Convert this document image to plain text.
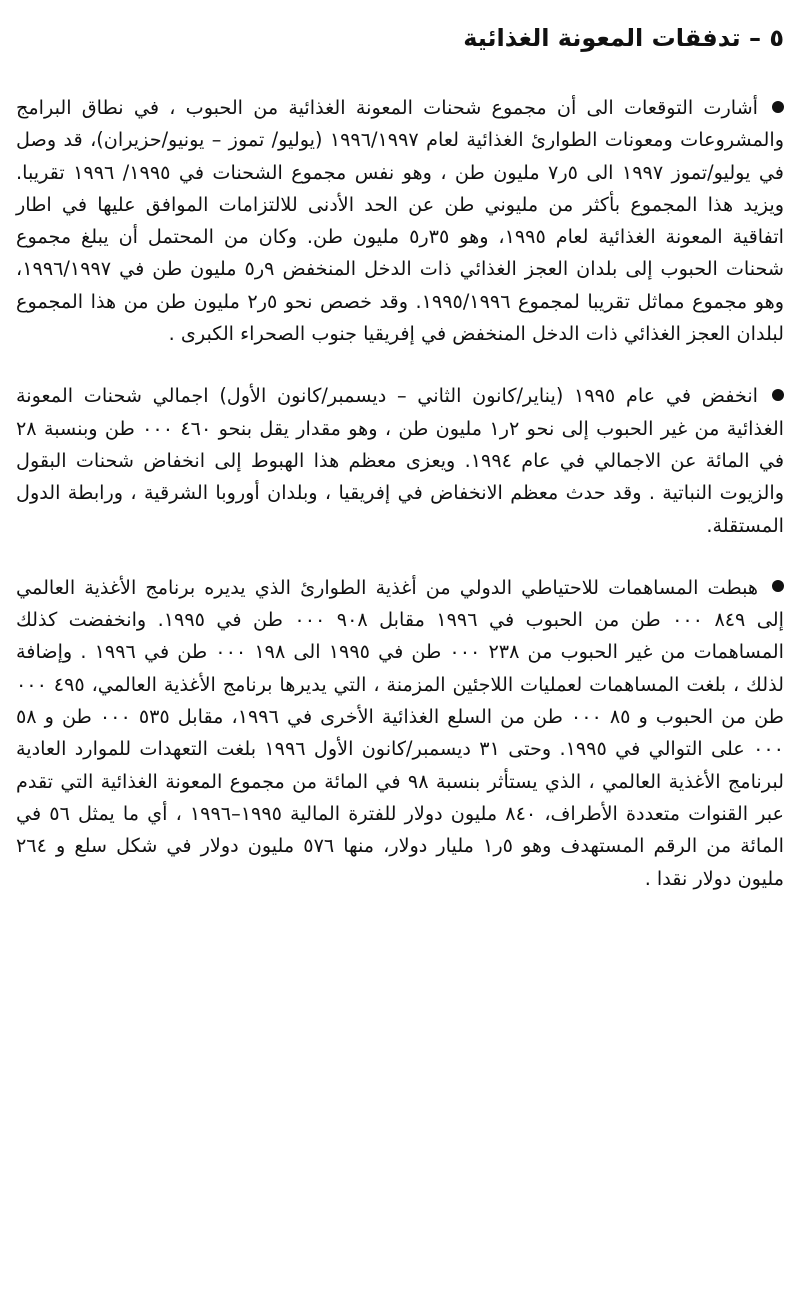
٥ – تدفقات المعونة الغذائية

أشارت التوقعات الى أن مجموع شحنات المعونة الغذائية من الحبوب ، في نطاق البرامج والمشروعات ومعونات الطوارئ الغذائية لعام ١٩٩٦/١٩٩٧ (يوليو/ تموز – يونيو/حزيران)، قد وصل في يوليو/تموز ١٩٩٧ الى ٥ر٧ مليون طن ، وهو نفس مجموع الشحنات في ١٩٩٥/ ١٩٩٦ تقريبا. ويزيد هذا المجموع بأكثر من مليوني طن عن الحد الأدنى للالتزامات الموافق عليها في اطار اتفاقية المعونة الغذائية لعام ١٩٩٥، وهو ٣٥ر٥ مليون طن. وكان من المحتمل أن يبلغ مجموع شحنات الحبوب إلى بلدان العجز الغذائي ذات الدخل المنخفض ٩ر٥ مليون طن في ١٩٩٦/١٩٩٧، وهو مجموع مماثل تقريبا لمجموع ١٩٩٥/١٩٩٦. وقد خصص نحو ٥ر٢ مليون طن من هذا المجموع لبلدان العجز الغذائي ذات الدخل المنخفض في إفريقيا جنوب الصحراء الكبرى .

انخفض في عام ١٩٩٥ (يناير/كانون الثاني – ديسمبر/كانون الأول) اجمالي شحنات المعونة الغذائية من غير الحبوب إلى نحو ٢ر١ مليون طن ، وهو مقدار يقل بنحو ٤٦٠ ٠٠٠ طن وبنسبة ٢٨ في المائة عن الاجمالي في عام ١٩٩٤. ويعزى معظم هذا الهبوط إلى انخفاض شحنات البقول والزيوت النباتية . وقد حدث معظم الانخفاض في إفريقيا ، وبلدان أوروبا الشرقية ، ورابطة الدول المستقلة.

هبطت المساهمات للاحتياطي الدولي من أغذية الطوارئ الذي يديره برنامج الأغذية العالمي إلى ٨٤٩ ٠٠٠ طن من الحبوب في ١٩٩٦ مقابل ٩٠٨ ٠٠٠ طن في ١٩٩٥. وانخفضت كذلك المساهمات من غير الحبوب من ٢٣٨ ٠٠٠ طن في ١٩٩٥ الى ١٩٨ ٠٠٠ طن في ١٩٩٦ . وإضافة لذلك ، بلغت المساهمات لعمليات اللاجئين المزمنة ، التي يديرها برنامج الأغذية العالمي، ٤٩٥ ٠٠٠ طن من الحبوب و ٨٥ ٠٠٠ طن من السلع الغذائية الأخرى في ١٩٩٦، مقابل ٥٣٥ ٠٠٠ طن و ٥٨ ٠٠٠ على التوالي في ١٩٩٥. وحتى ٣١ ديسمبر/كانون الأول ١٩٩٦ بلغت التعهدات للموارد العادية لبرنامج الأغذية العالمي ، الذي يستأثر بنسبة ٩٨ في المائة من مجموع المعونة الغذائية التي تقدم عبر القنوات متعددة الأطراف، ٨٤٠ مليون دولار للفترة المالية ١٩٩٥–١٩٩٦ ، أي ما يمثل ٥٦ في المائة من الرقم المستهدف وهو ٥ر١ مليار دولار، منها ٥٧٦ مليون دولار في شكل سلع و ٢٦٤ مليون دولار نقدا .
